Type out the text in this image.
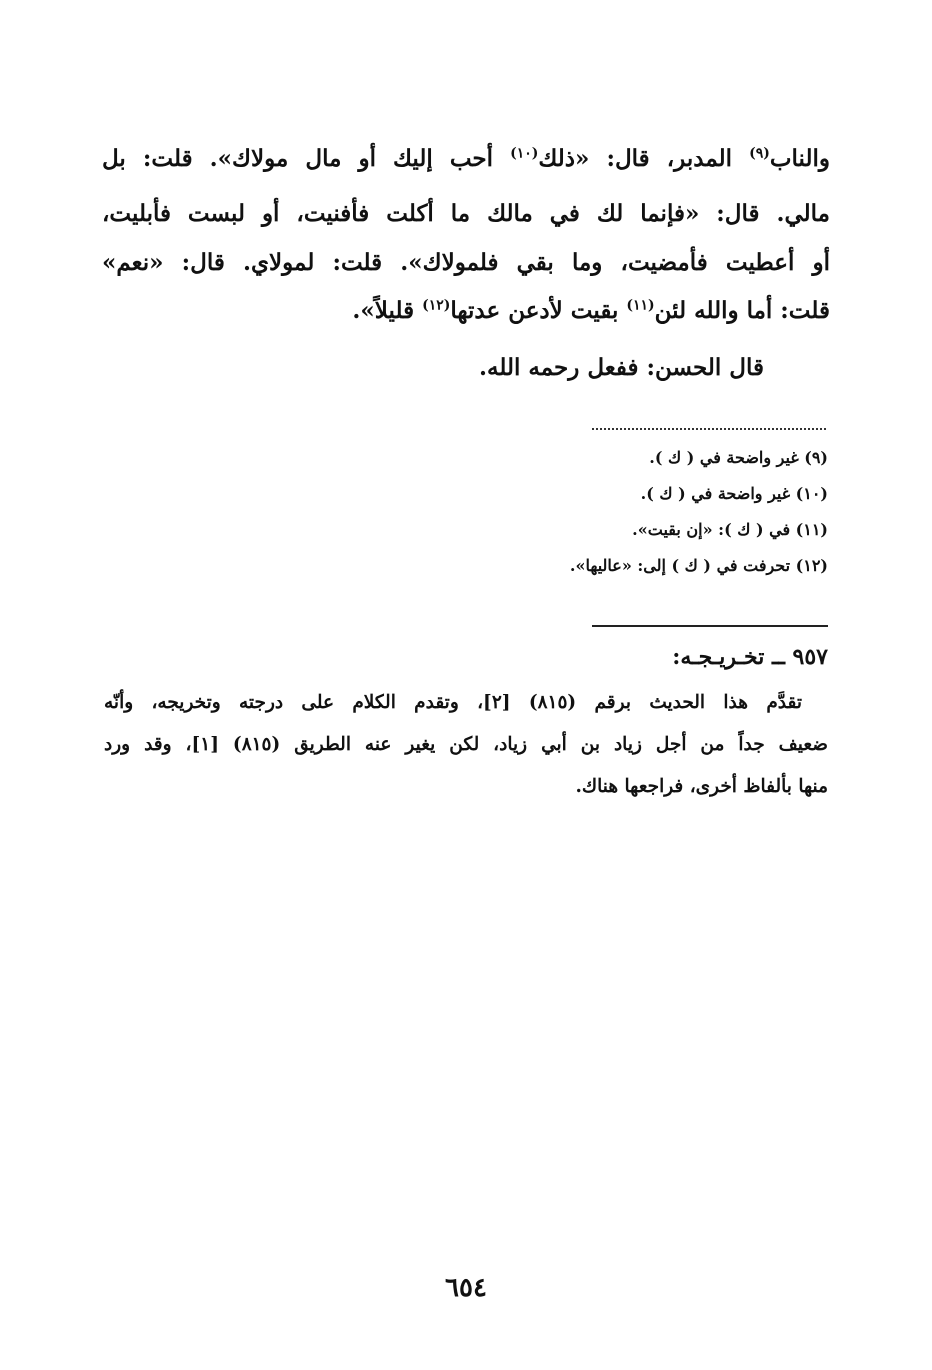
والناب$^{(٩)}$ المدبر، قال: «ذلك$^{(١٠)}$ أحب إليك أو مال مولاك». قلت: بل
مالي. قال: «فإنما لك في مالك ما أكلت فأفنيت، أو لبست فأبليت،
أو أعطيت فأمضيت، وما بقي فلمولاك». قلت: لمولاي. قال: «نعم»
قلت: أما والله لئن$^{(١١)}$ بقيت لأدعن عدتها$^{(١٢)}$ قليلاً».
قال الحسن: ففعل رحمه الله.
(٩) غير واضحة في ( ك ).
(١٠) غير واضحة في ( ك ).
(١١) في ( ك ): «إن بقيت».
(١٢) تحرفت في ( ك ) إلى: «عاليها».
٩٥٧ ــ تخـريـجـه:
تقدَّم هذا الحديث برقم (٨١٥) [٢]، وتقدم الكلام على درجته وتخريجه، وأنّه
ضعيف جداً من أجل زياد بن أبي زياد، لكن يغير عنه الطريق (٨١٥) [١]، وقد ورد
منها بألفاظ أخرى، فراجعها هناك.
٦٥٤
